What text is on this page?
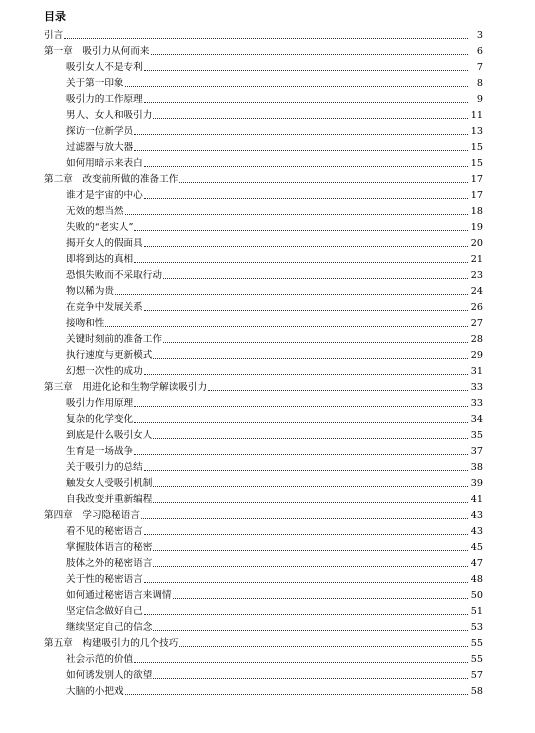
目录
引言	3
第一章　吸引力从何而来	6
吸引女人不是专利	7
关于第一印象	8
吸引力的工作原理	9
男人、女人和吸引力	11
探访一位新学员	13
过滤器与放大器	15
如何用暗示来表白	15
第二章　改变前所做的准备工作	17
谁才是宇宙的中心	17
无效的想当然	18
失败的“老实人”	19
揭开女人的假面具	20
即将到达的真相	21
恐惧失败而不采取行动	23
物以稀为贵	24
在竞争中发展关系	26
接吻和性	27
关键时刻前的准备工作	28
执行速度与更新模式	29
幻想一次性的成功	31
第三章　用进化论和生物学解读吸引力	33
吸引力作用原理	33
复杂的化学变化	34
到底是什么吸引女人	35
生育是一场战争	37
关于吸引力的总结	38
触发女人受吸引机制	39
自我改变并重新编程	41
第四章　学习隐秘语言	43
看不见的秘密语言	43
掌握肢体语言的秘密	45
肢体之外的秘密语言	47
关于性的秘密语言	48
如何通过秘密语言来调情	50
坚定信念做好自己	51
继续坚定自己的信念	53
第五章　构建吸引力的几个技巧	55
社会示范的价值	55
如何诱发别人的欲望	57
大脑的小把戏	58
